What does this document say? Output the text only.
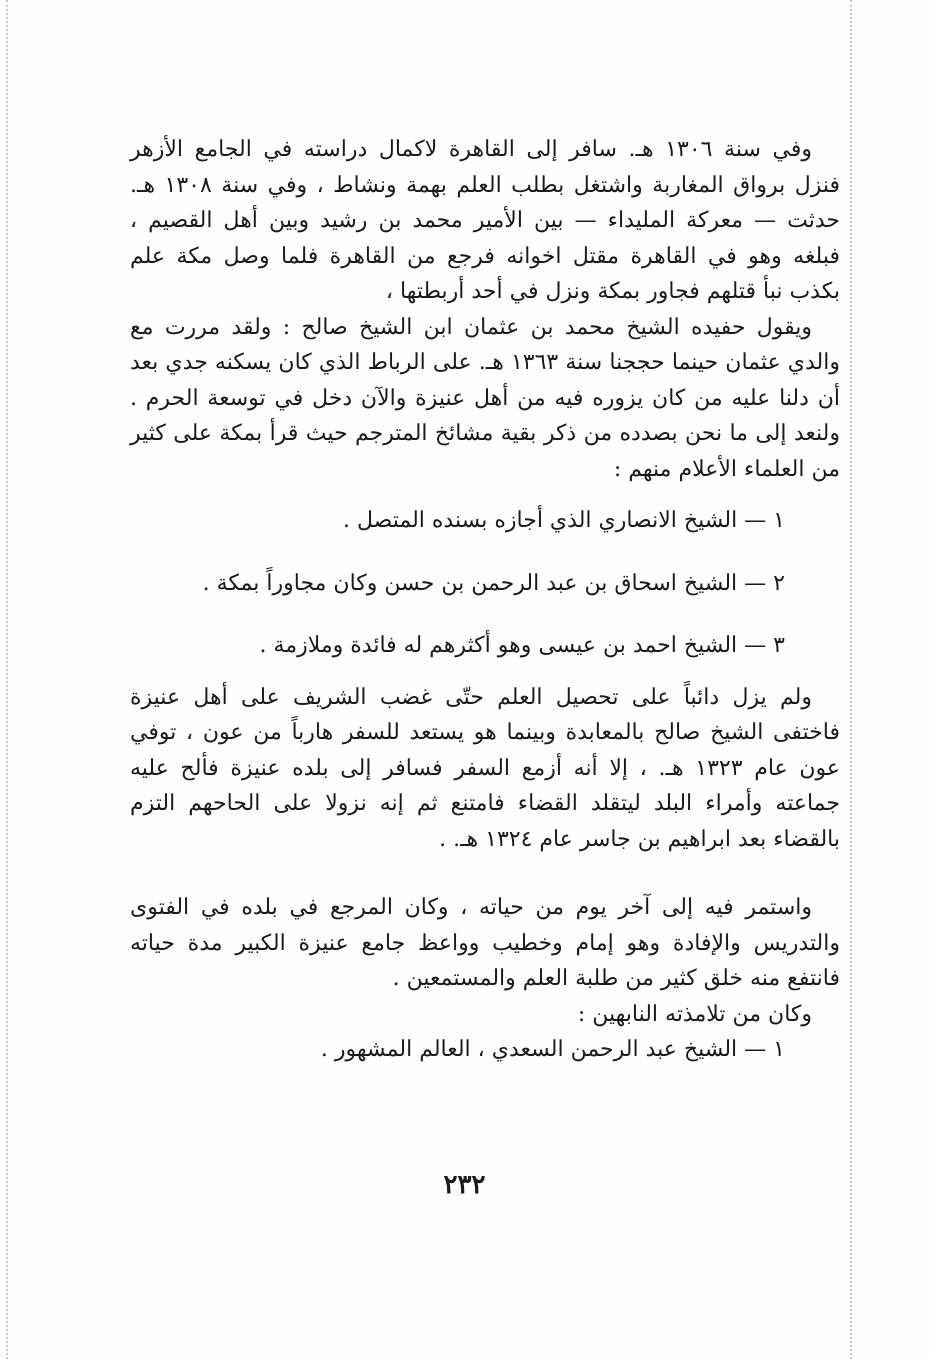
وفي سنة ١٣٠٦ هـ. سافر إلى القاهرة لاكمال دراسته في الجامع الأزهر فنزل برواق المغاربة واشتغل بطلب العلم بهمة ونشاط ، وفي سنة ١٣٠٨ هـ. حدثت — معركة المليداء — بين الأمير محمد بن رشيد وبين أهل القصيم ، فبلغه وهو في القاهرة مقتل اخوانه فرجع من القاهرة فلما وصل مكة علم بكذب نبأ قتلهم فجاور بمكة ونزل في أحد أربطتها ،

ويقول حفيده الشيخ محمد بن عثمان ابن الشيخ صالح : ولقد مررت مع والدي عثمان حينما حججنا سنة ١٣٦٣ هـ. على الرباط الذي كان يسكنه جدي بعد أن دلنا عليه من كان يزوره فيه من أهل عنيزة والآن دخل في توسعة الحرم . ولنعد إلى ما نحن بصدده من ذكر بقية مشائخ المترجم حيث قرأ بمكة على كثير من العلماء الأعلام منهم :

١ — الشيخ الانصاري الذي أجازه بسنده المتصل .

٢ — الشيخ اسحاق بن عبد الرحمن بن حسن وكان مجاوراً بمكة .

٣ — الشيخ احمد بن عيسى وهو أكثرهم له فائدة وملازمة .

ولم يزل دائباً على تحصيل العلم حتّى غضب الشريف على أهل عنيزة فاختفى الشيخ صالح بالمعابدة وبينما هو يستعد للسفر هارباً من عون ، توفي عون عام ١٣٢٣ هـ. ، إلا أنه أزمع السفر فسافر إلى بلده عنيزة فألح عليه جماعته وأمراء البلد ليتقلد القضاء فامتنع ثم إنه نزولا على الحاحهم التزم بالقضاء بعد ابراهيم بن جاسر عام ١٣٢٤ هـ. .

واستمر فيه إلى آخر يوم من حياته ، وكان المرجع في بلده في الفتوى والتدريس والإفادة وهو إمام وخطيب وواعظ جامع عنيزة الكبير مدة حياته فانتفع منه خلق كثير من طلبة العلم والمستمعين .

وكان من تلامذته النابهين :

١ — الشيخ عبد الرحمن السعدي ، العالم المشهور .

٢٣٢
